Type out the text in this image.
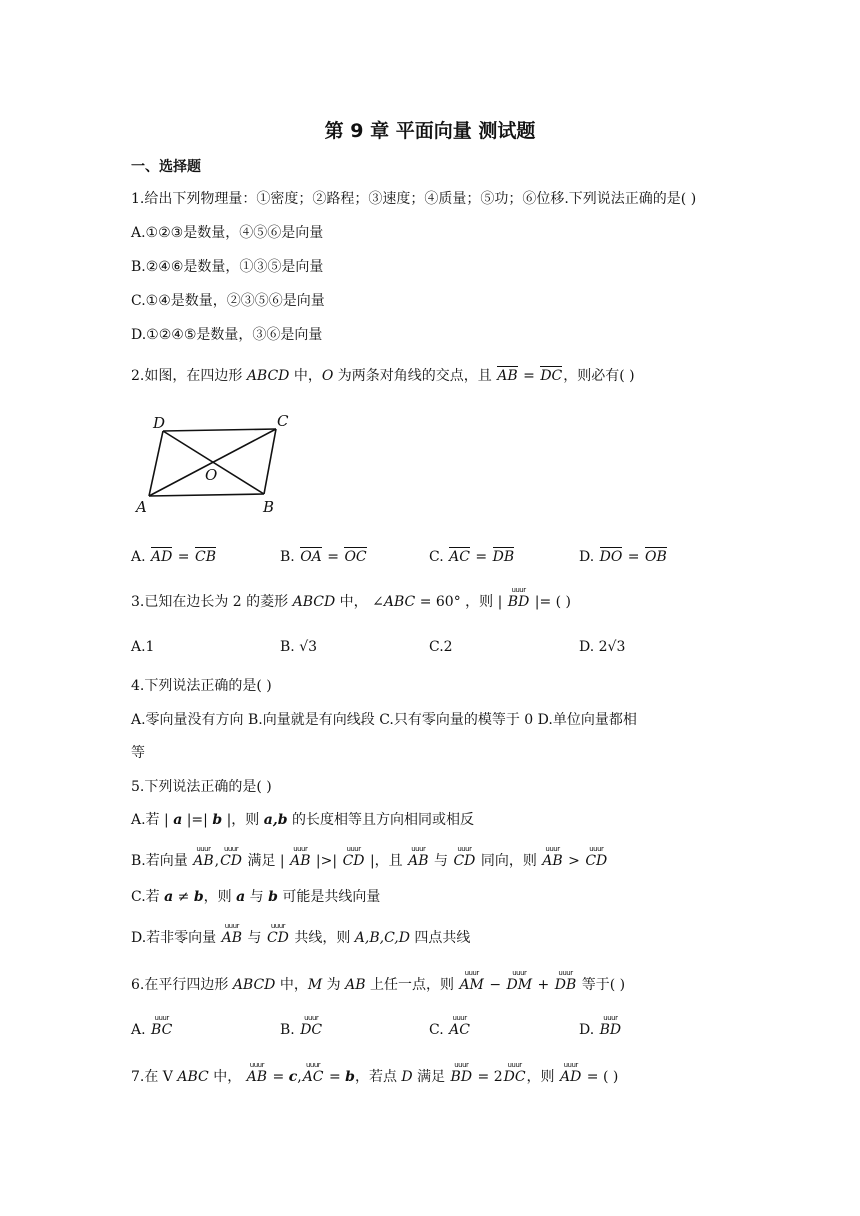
第 9 章 平面向量 测试题
一、选择题
1.给出下列物理量：①密度；②路程；③速度；④质量；⑤功；⑥位移.下列说法正确的是( )
A.①②③是数量，④⑤⑥是向量
B.②④⑥是数量，①③⑤是向量
C.①④是数量，②③⑤⑥是向量
D.①②④⑤是数量，③⑥是向量
2.如图，在四边形 ABCD 中，O 为两条对角线的交点，且 AB = DC，则必有( )
D	C
O
A	B
A. AD = CB	B. OA = OC	C. AC = DB	D. DO = OB
3.已知在边长为 2 的菱形 ABCD 中， ∠ABC = 60° ，则 |
uuur
BD |= ( )
A.1	B. √3	C.2	D. 2√3
4.下列说法正确的是( )
A.零向量没有方向 B.向量就是有向线段 C.只有零向量的模等于 0 D.单位向量都相
等
5.下列说法正确的是( )
A.若 | a |=| b |，则 a,b 的长度相等且方向相同或相反
B.若向量
uuur
AB,
uuur
CD 满足 |
uuur
AB |>|
uuur
CD |，且
uuur
AB 与
uuur
CD 同向，则
uuur
AB >
uuur
CD
C.若 a ≠ b，则 a 与 b 可能是共线向量
D.若非零向量
uuur
AB 与
uuur
CD 共线，则 A,B,C,D 四点共线
6.在平行四边形 ABCD 中，M 为 AB 上任一点，则
uuur
AM −
uuur
DM +
uuur
DB 等于( )
A.
uuur
BC	B.
uuur
DC	C.
uuur
AC	D.
uuur
BD
7.在 V ABC 中，
uuur
AB = c,
uuur
AC = b，若点 D 满足
uuur
BD = 2
uuur
DC，则
uuur
AD = ( )
